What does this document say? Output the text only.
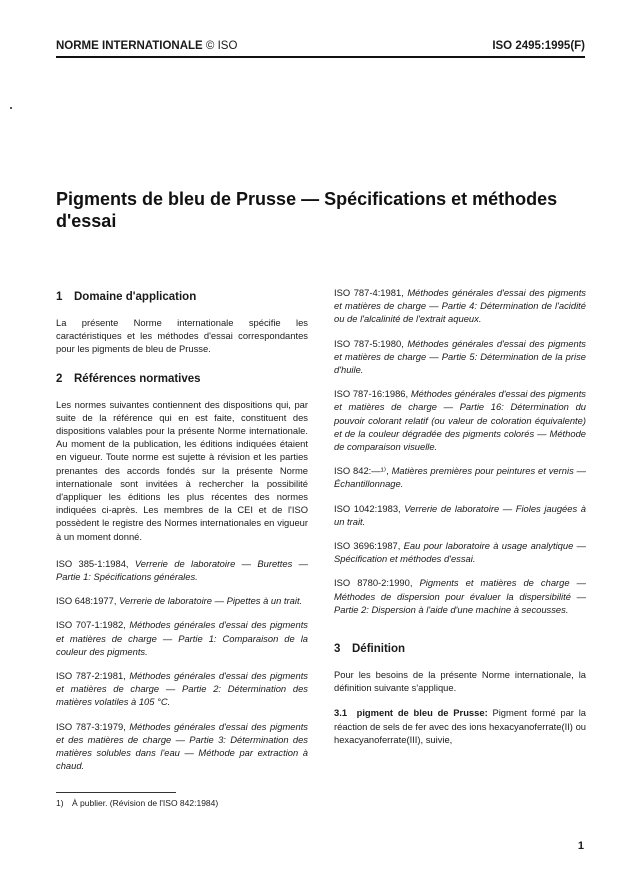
NORME INTERNATIONALE © ISO	ISO 2495:1995(F)
Pigments de bleu de Prusse — Spécifications et méthodes d'essai
1 Domaine d'application

La présente Norme internationale spécifie les caractéristiques et les méthodes d'essai correspondantes pour les pigments de bleu de Prusse.

2 Références normatives

Les normes suivantes contiennent des dispositions qui, par suite de la référence qui en est faite, constituent des dispositions valables pour la présente Norme internationale. Au moment de la publication, les éditions indiquées étaient en vigueur. Toute norme est sujette à révision et les parties prenantes des accords fondés sur la présente Norme internationale sont invitées à rechercher la possibilité d'appliquer les éditions les plus récentes des normes indiquées ci-après. Les membres de la CEI et de l'ISO possèdent le registre des Normes internationales en vigueur à un moment donné.

ISO 385-1:1984, Verrerie de laboratoire — Burettes — Partie 1: Spécifications générales.
ISO 648:1977, Verrerie de laboratoire — Pipettes à un trait.
ISO 707-1:1982, Méthodes générales d'essai des pigments et matières de charge — Partie 1: Comparaison de la couleur des pigments.
ISO 787-2:1981, Méthodes générales d'essai des pigments et matières de charge — Partie 2: Détermination des matières volatiles à 105 °C.
ISO 787-3:1979, Méthodes générales d'essai des pigments et des matières de charge — Partie 3: Détermination des matières solubles dans l'eau — Méthode par extraction à chaud.
ISO 787-4:1981, Méthodes générales d'essai des pigments et matières de charge — Partie 4: Détermination de l'acidité ou de l'alcalinité de l'extrait aqueux.
ISO 787-5:1980, Méthodes générales d'essai des pigments et matières de charge — Partie 5: Détermination de la prise d'huile.
ISO 787-16:1986, Méthodes générales d'essai des pigments et matières de charge — Partie 16: Détermination du pouvoir colorant relatif (ou valeur de coloration équivalente) et de la couleur dégradée des pigments colorés — Méthode de comparaison visuelle.
ISO 842:—¹⁾, Matières premières pour peintures et vernis — Échantillonnage.
ISO 1042:1983, Verrerie de laboratoire — Fioles jaugées à un trait.
ISO 3696:1987, Eau pour laboratoire à usage analytique — Spécification et méthodes d'essai.
ISO 8780-2:1990, Pigments et matières de charge — Méthodes de dispersion pour évaluer la dispersibilité — Partie 2: Dispersion à l'aide d'une machine à secousses.
3 Définition

Pour les besoins de la présente Norme internationale, la définition suivante s'applique.

3.1 pigment de bleu de Prusse: Pigment formé par la réaction de sels de fer avec des ions hexacyanoferrate(II) ou hexacyanoferrate(III), suivie,

1) À publier. (Révision de l'ISO 842:1984)
1
